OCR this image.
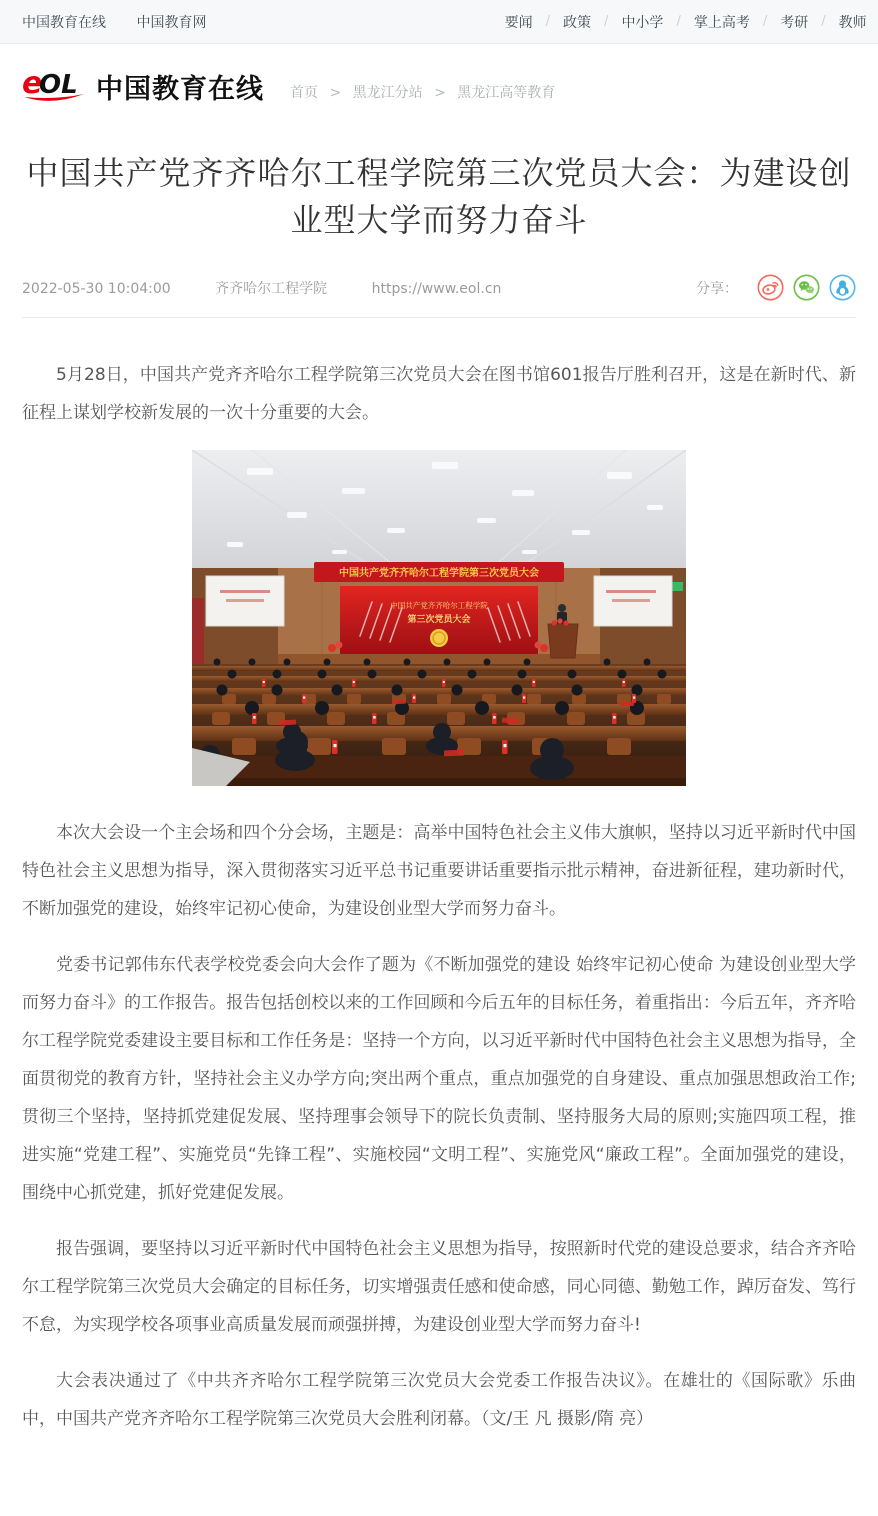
中国教育在线 中国教育网	要闻 / 政策 / 中小学 / 掌上高考 / 考研 / 教师
e
OL 中国教育在线 首页 > 黑龙江分站 > 黑龙江高等教育
中国共产党齐齐哈尔工程学院第三次党员大会：为建设创业型大学而努力奋斗
2022-05-30 10:04:00	齐齐哈尔工程学院	https://www.eol.cn	分享：

5月28日，中国共产党齐齐哈尔工程学院第三次党员大会在图书馆601报告厅胜利召开，这是在新时代、新征程上谋划学校新发展的一次十分重要的大会。

中国共产党齐齐哈尔工程学院第三次党员大会
中国共产党齐齐哈尔工程学院
第三次党员大会

本次大会设一个主会场和四个分会场，主题是：高举中国特色社会主义伟大旗帜，坚持以习近平新时代中国特色社会主义思想为指导，深入贯彻落实习近平总书记重要讲话重要指示批示精神，奋进新征程，建功新时代，不断加强党的建设，始终牢记初心使命，为建设创业型大学而努力奋斗。

党委书记郭伟东代表学校党委会向大会作了题为《不断加强党的建设 始终牢记初心使命 为建设创业型大学而努力奋斗》的工作报告。报告包括创校以来的工作回顾和今后五年的目标任务，着重指出：今后五年，齐齐哈尔工程学院党委建设主要目标和工作任务是：坚持一个方向，以习近平新时代中国特色社会主义思想为指导，全面贯彻党的教育方针，坚持社会主义办学方向;突出两个重点，重点加强党的自身建设、重点加强思想政治工作;贯彻三个坚持，坚持抓党建促发展、坚持理事会领导下的院长负责制、坚持服务大局的原则;实施四项工程，推进实施“党建工程”、实施党员“先锋工程”、实施校园“文明工程”、实施党风“廉政工程”。全面加强党的建设，围绕中心抓党建，抓好党建促发展。

报告强调，要坚持以习近平新时代中国特色社会主义思想为指导，按照新时代党的建设总要求，结合齐齐哈尔工程学院第三次党员大会确定的目标任务，切实增强责任感和使命感，同心同德、勤勉工作，踔厉奋发、笃行不怠，为实现学校各项事业高质量发展而顽强拼搏，为建设创业型大学而努力奋斗!

大会表决通过了《中共齐齐哈尔工程学院第三次党员大会党委工作报告决议》。在雄壮的《国际歌》乐曲中，中国共产党齐齐哈尔工程学院第三次党员大会胜利闭幕。（文/王 凡 摄影/隋 亮）
